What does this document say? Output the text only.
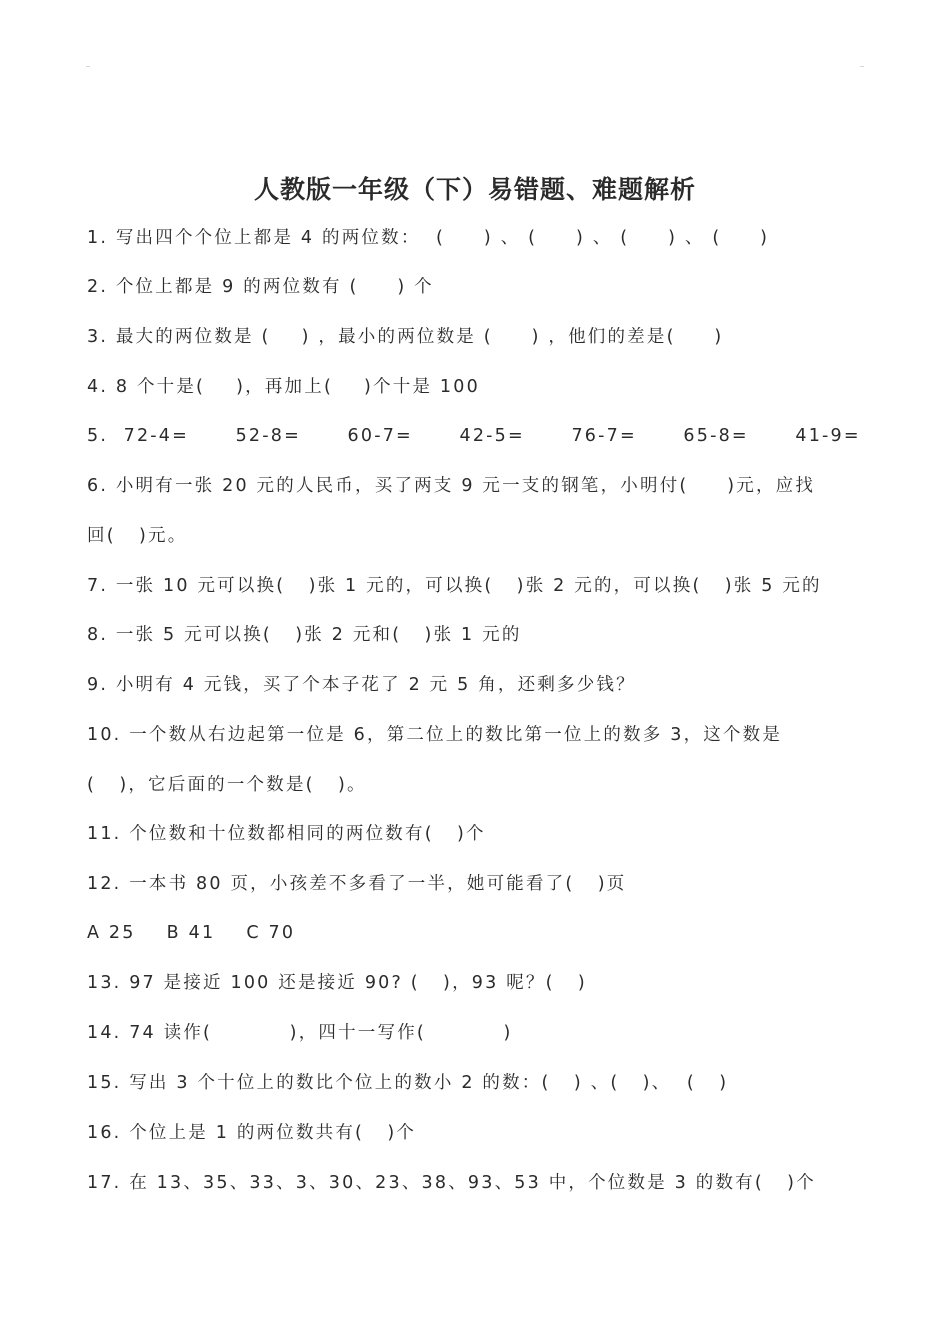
人教版一年级（下）易错题、难题解析
1. 写出四个个位上都是 4 的两位数：  (     ) 、 (     ) 、 (     ) 、 (     )
2. 个位上都是 9 的两位数有 (     ) 个
3. 最大的两位数是 (    ) ，最小的两位数是 (     ) ，他们的差是(     )
4. 8 个十是(    )，再加上(    )个十是 100
5.  72-4=      52-8=      60-7=      42-5=      76-7=      65-8=      41-9=
6. 小明有一张 20 元的人民币，买了两支 9 元一支的钢笔，小明付(     )元，应找
回(   )元。
7. 一张 10 元可以换(   )张 1 元的，可以换(   )张 2 元的，可以换(   )张 5 元的
8. 一张 5 元可以换(   )张 2 元和(   )张 1 元的
9. 小明有 4 元钱，买了个本子花了 2 元 5 角，还剩多少钱？
10. 一个数从右边起第一位是 6，第二位上的数比第一位上的数多 3，这个数是
(   )，它后面的一个数是(   )。
11. 个位数和十位数都相同的两位数有(   )个
12. 一本书 80 页，小孩差不多看了一半，她可能看了(   )页
A 25    B 41    C 70
13. 97 是接近 100 还是接近 90? (   )，93 呢？(   )
14. 74 读作(          )，四十一写作(          )
15. 写出 3 个十位上的数比个位上的数小 2 的数：(   ) 、(   )、  (   )
16. 个位上是 1 的两位数共有(   )个
17. 在 13、35、33、3、30、23、38、93、53 中，个位数是 3 的数有(   )个
